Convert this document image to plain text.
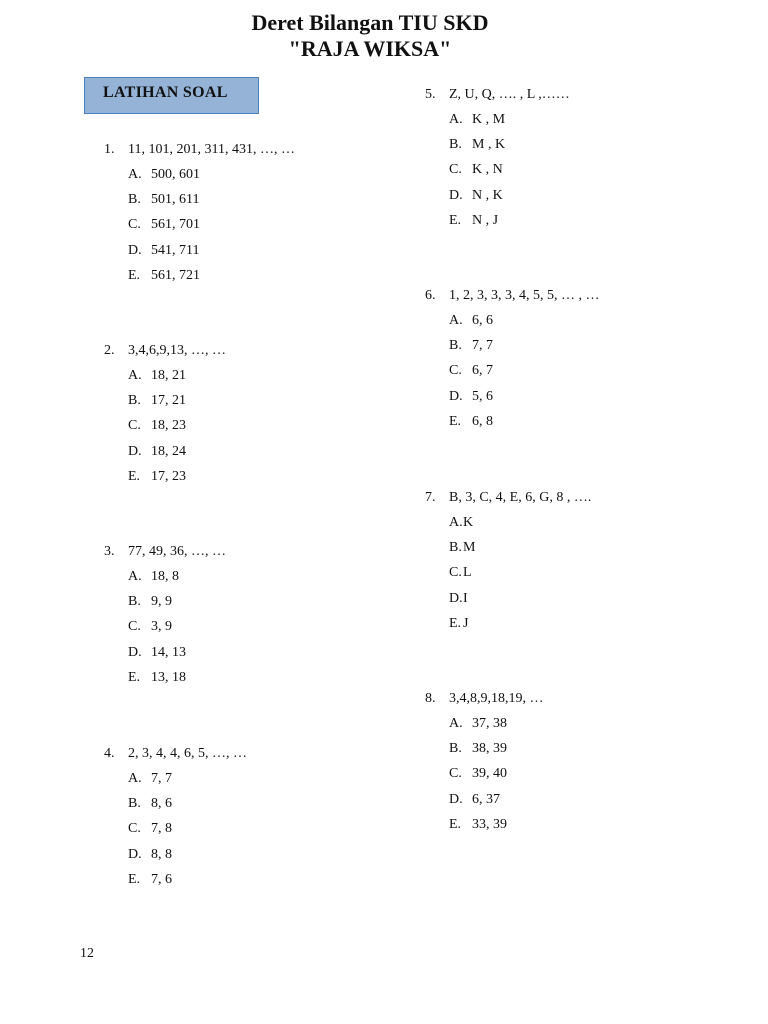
Deret Bilangan TIU SKD
"RAJA WIKSA"
LATIHAN SOAL
1. 11, 101, 201, 311, 431, …, …
A. 500, 601
B. 501, 611
C. 561, 701
D. 541, 711
E. 561, 721
2. 3,4,6,9,13, …, …
A. 18, 21
B. 17, 21
C. 18, 23
D. 18, 24
E. 17, 23
3. 77, 49, 36, …, …
A. 18, 8
B. 9, 9
C. 3, 9
D. 14, 13
E. 13, 18
4. 2, 3, 4, 4, 6, 5, …, …
A. 7, 7
B. 8, 6
C. 7, 8
D. 8, 8
E. 7, 6
5. Z, U, Q, …. , L ,……
A. K , M
B. M , K
C. K , N
D. N , K
E. N , J
6. 1, 2, 3, 3, 3, 4, 5, 5, … , …
A. 6, 6
B. 7, 7
C. 6, 7
D. 5, 6
E. 6, 8
7. B, 3, C, 4, E, 6, G, 8 , ….
A.K
B.M
C.L
D.I
E. J
8. 3,4,8,9,18,19, …
A. 37, 38
B. 38, 39
C. 39, 40
D. 6, 37
E. 33, 39
12
